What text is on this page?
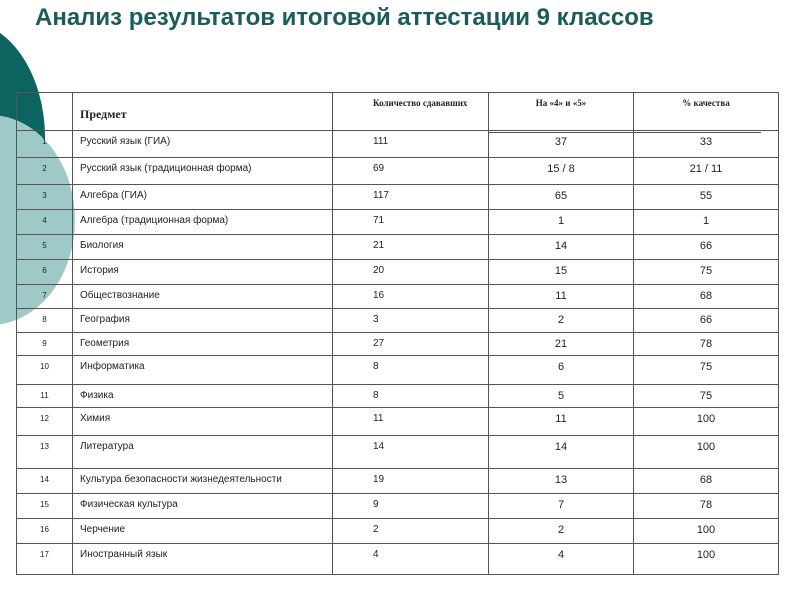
Анализ результатов итоговой аттестации 9 классов
	Предмет	Количество сдававших	На «4» и «5»	% качества
1	Русский язык (ГИА)	111	37	33
2	Русский язык (традиционная форма)	69	15 / 8	21 / 11
3	Алгебра (ГИА)	117	65	55
4	Алгебра (традиционная форма)	71	1	1
5	Биология	21	14	66
6	История	20	15	75
7	Обществознание	16	11	68
8	География	3	2	66
9	Геометрия	27	21	78
10	Информатика	8	6	75
11	Физика	8	5	75
12	Химия	11	11	100
13	Литература	14	14	100
14	Культура безопасности жизнедеятельности	19	13	68
15	Физическая культура	9	7	78
16	Черчение	2	2	100
17	Иностранный язык	4	4	100
